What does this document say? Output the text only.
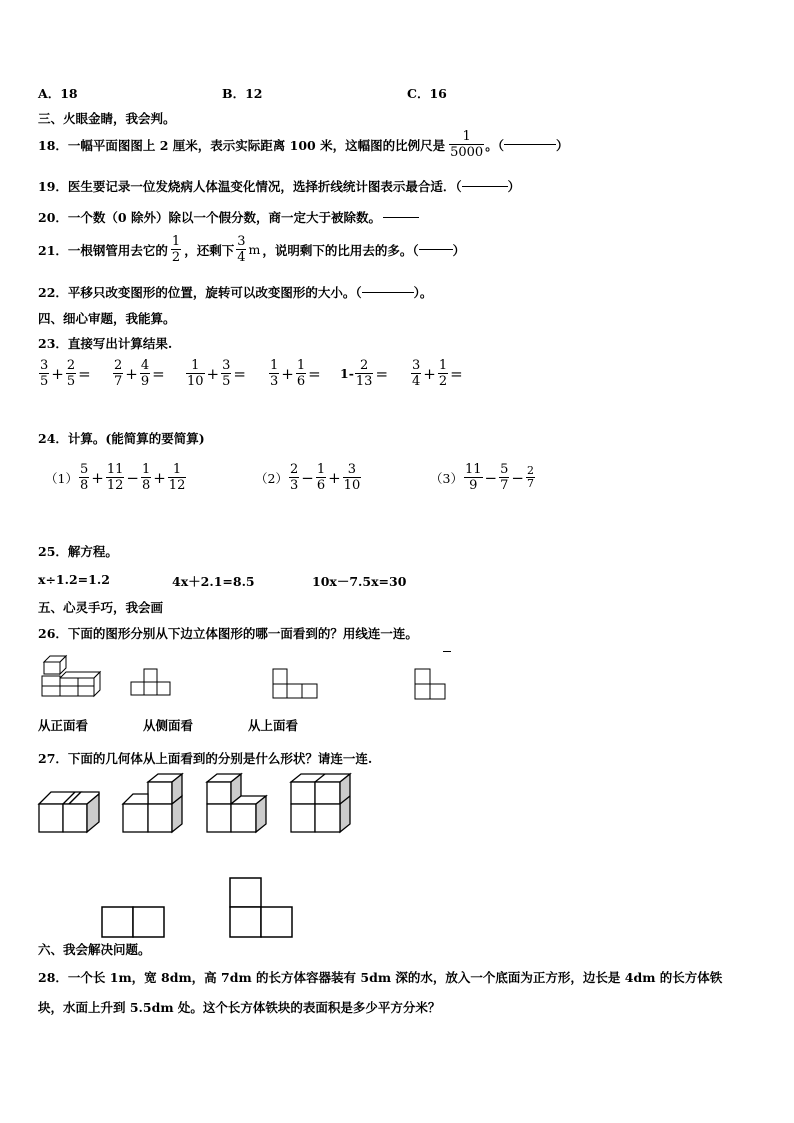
A．18	B．12	C．16
三、火眼金睛，我会判。
18．一幅平面图图上 2 厘米，表示实际距离 100 米，这幅图的比例尺是 $\frac{1}{5000}$ 。（	）
19．医生要记录一位发烧病人体温变化情况，选择折线统计图表示最合适．（	）
20．一个数（0 除外）除以一个假分数，商一定大于被除数。
21．一根钢管用去它的 $\frac{1}{2}$ ，还剩下 $\frac{3}{4}$ m ，说明剩下的比用去的多。（	）
22．平移只改变图形的位置，旋转可以改变图形的大小。（	）。
四、细心审题，我能算。
23．直接写出计算结果.
$\frac{3}{5} + \frac{2}{5} = \frac{2}{7} + \frac{4}{9} = \frac{1}{10} + \frac{3}{5} = \frac{1}{3} + \frac{1}{6} = 1- \frac{2}{13} = \frac{3}{4} + \frac{1}{2}$ =
24．计算。(能简算的要简算)
$(1) \frac{5}{8} + \frac{11}{12} - \frac{1}{8} + \frac{1}{12}$	$(2) \frac{2}{3} - \frac{1}{6} + \frac{3}{10}$	$(3) \frac{11}{9} - \frac{5}{7} - \frac{2}{7}$
25．解方程。
x÷1.2=1.2	4x＋2.1=8.5	10x－7.5x=30
五、心灵手巧，我会画
26．下面的图形分别从下边立体图形的哪一面看到的？用线连一连。
从正面看	从侧面看	从上面看
27．下面的几何体从上面看到的分别是什么形状？请连一连.
六、我会解决问题。
28．一个长 1m，宽 8dm，高 7dm 的长方体容器装有 5dm 深的水，放入一个底面为正方形，边长是 4dm 的长方体铁
块，水面上升到 5.5dm 处。这个长方体铁块的表面积是多少平方分米？
